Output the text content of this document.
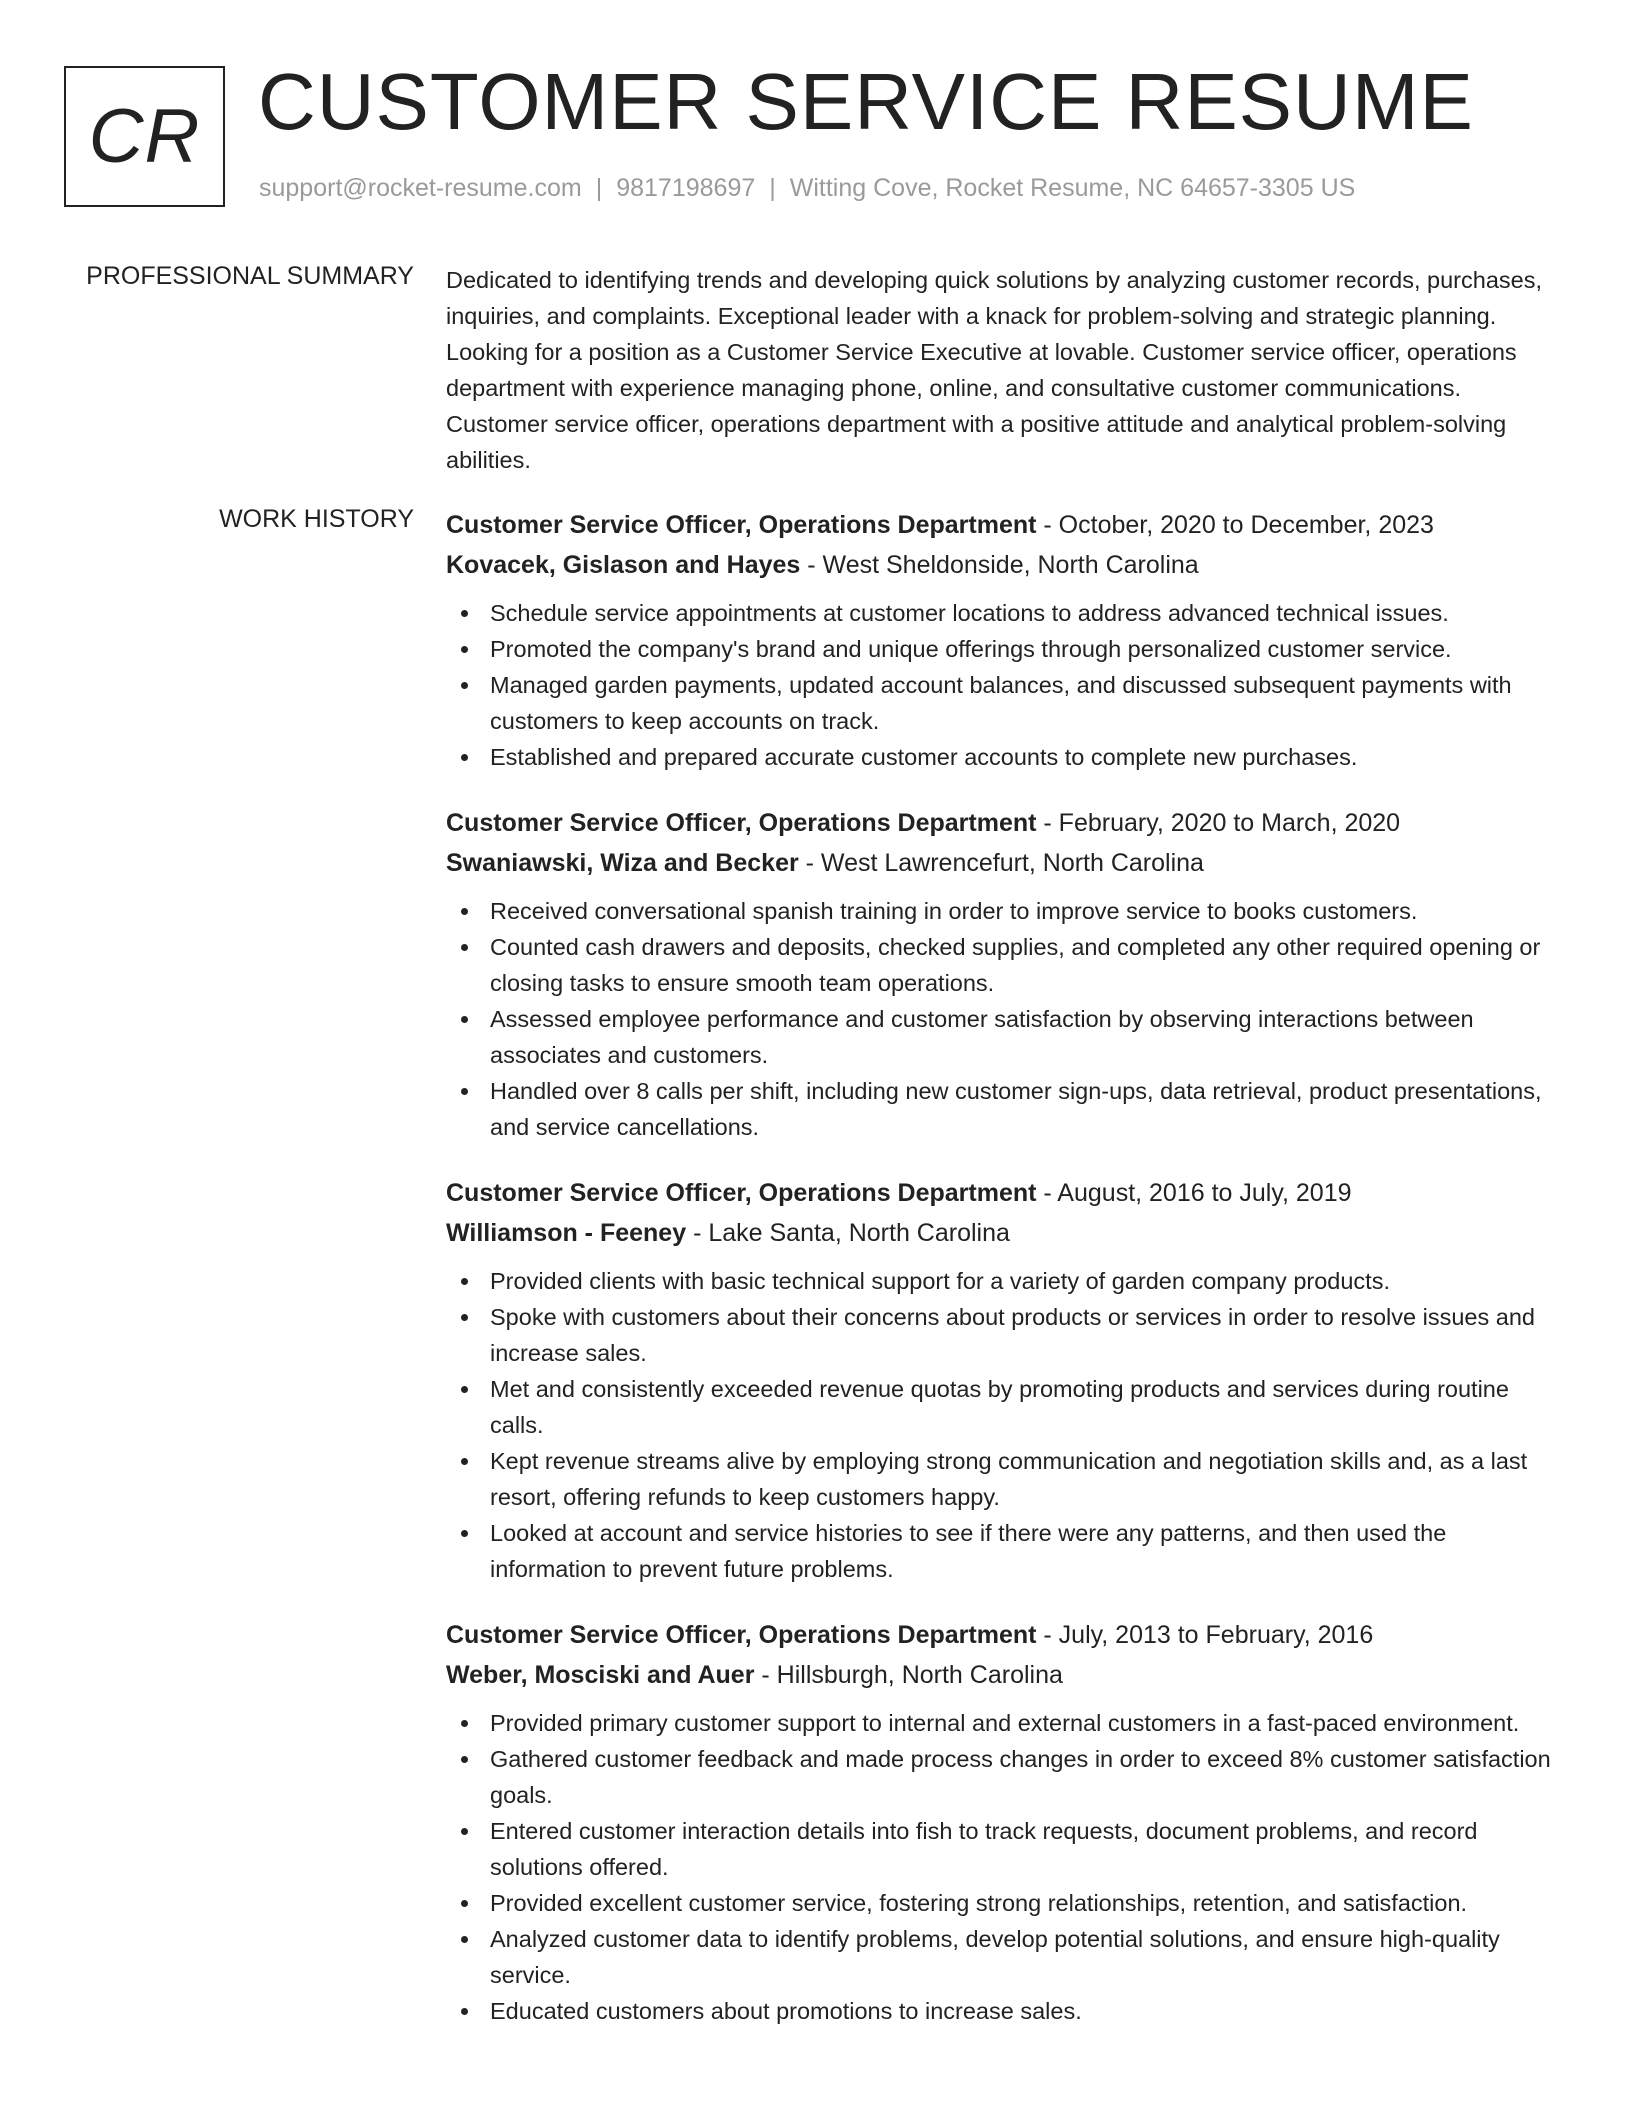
CR CUSTOMER SERVICE RESUME
support@rocket-resume.com | 9817198697 | Witting Cove, Rocket Resume, NC 64657-3305 US
PROFESSIONAL SUMMARY Dedicated to identifying trends and developing quick solutions by analyzing customer records, purchases, inquiries, and complaints. Exceptional leader with a knack for problem-solving and strategic planning. Looking for a position as a Customer Service Executive at lovable. Customer service officer, operations department with experience managing phone, online, and consultative customer communications. Customer service officer, operations department with a positive attitude and analytical problem-solving abilities.

WORK HISTORY Customer Service Officer, Operations Department - October, 2020 to December, 2023

Kovacek, Gislason and Hayes - West Sheldonside, North Carolina

Schedule service appointments at customer locations to address advanced technical issues.
Promoted the company's brand and unique offerings through personalized customer service.
Managed garden payments, updated account balances, and discussed subsequent payments with customers to keep accounts on track.
Established and prepared accurate customer accounts to complete new purchases.

Customer Service Officer, Operations Department - February, 2020 to March, 2020

Swaniawski, Wiza and Becker - West Lawrencefurt, North Carolina

Received conversational spanish training in order to improve service to books customers.
Counted cash drawers and deposits, checked supplies, and completed any other required opening or closing tasks to ensure smooth team operations.
Assessed employee performance and customer satisfaction by observing interactions between associates and customers.
Handled over 8 calls per shift, including new customer sign-ups, data retrieval, product presentations, and service cancellations.

Customer Service Officer, Operations Department - August, 2016 to July, 2019

Williamson - Feeney - Lake Santa, North Carolina

Provided clients with basic technical support for a variety of garden company products.
Spoke with customers about their concerns about products or services in order to resolve issues and increase sales.
Met and consistently exceeded revenue quotas by promoting products and services during routine calls.
Kept revenue streams alive by employing strong communication and negotiation skills and, as a last resort, offering refunds to keep customers happy.
Looked at account and service histories to see if there were any patterns, and then used the information to prevent future problems.

Customer Service Officer, Operations Department - July, 2013 to February, 2016

Weber, Mosciski and Auer - Hillsburgh, North Carolina

Provided primary customer support to internal and external customers in a fast-paced environment.
Gathered customer feedback and made process changes in order to exceed 8% customer satisfaction goals.
Entered customer interaction details into fish to track requests, document problems, and record solutions offered.
Provided excellent customer service, fostering strong relationships, retention, and satisfaction.
Analyzed customer data to identify problems, develop potential solutions, and ensure high-quality service.
Educated customers about promotions to increase sales.
